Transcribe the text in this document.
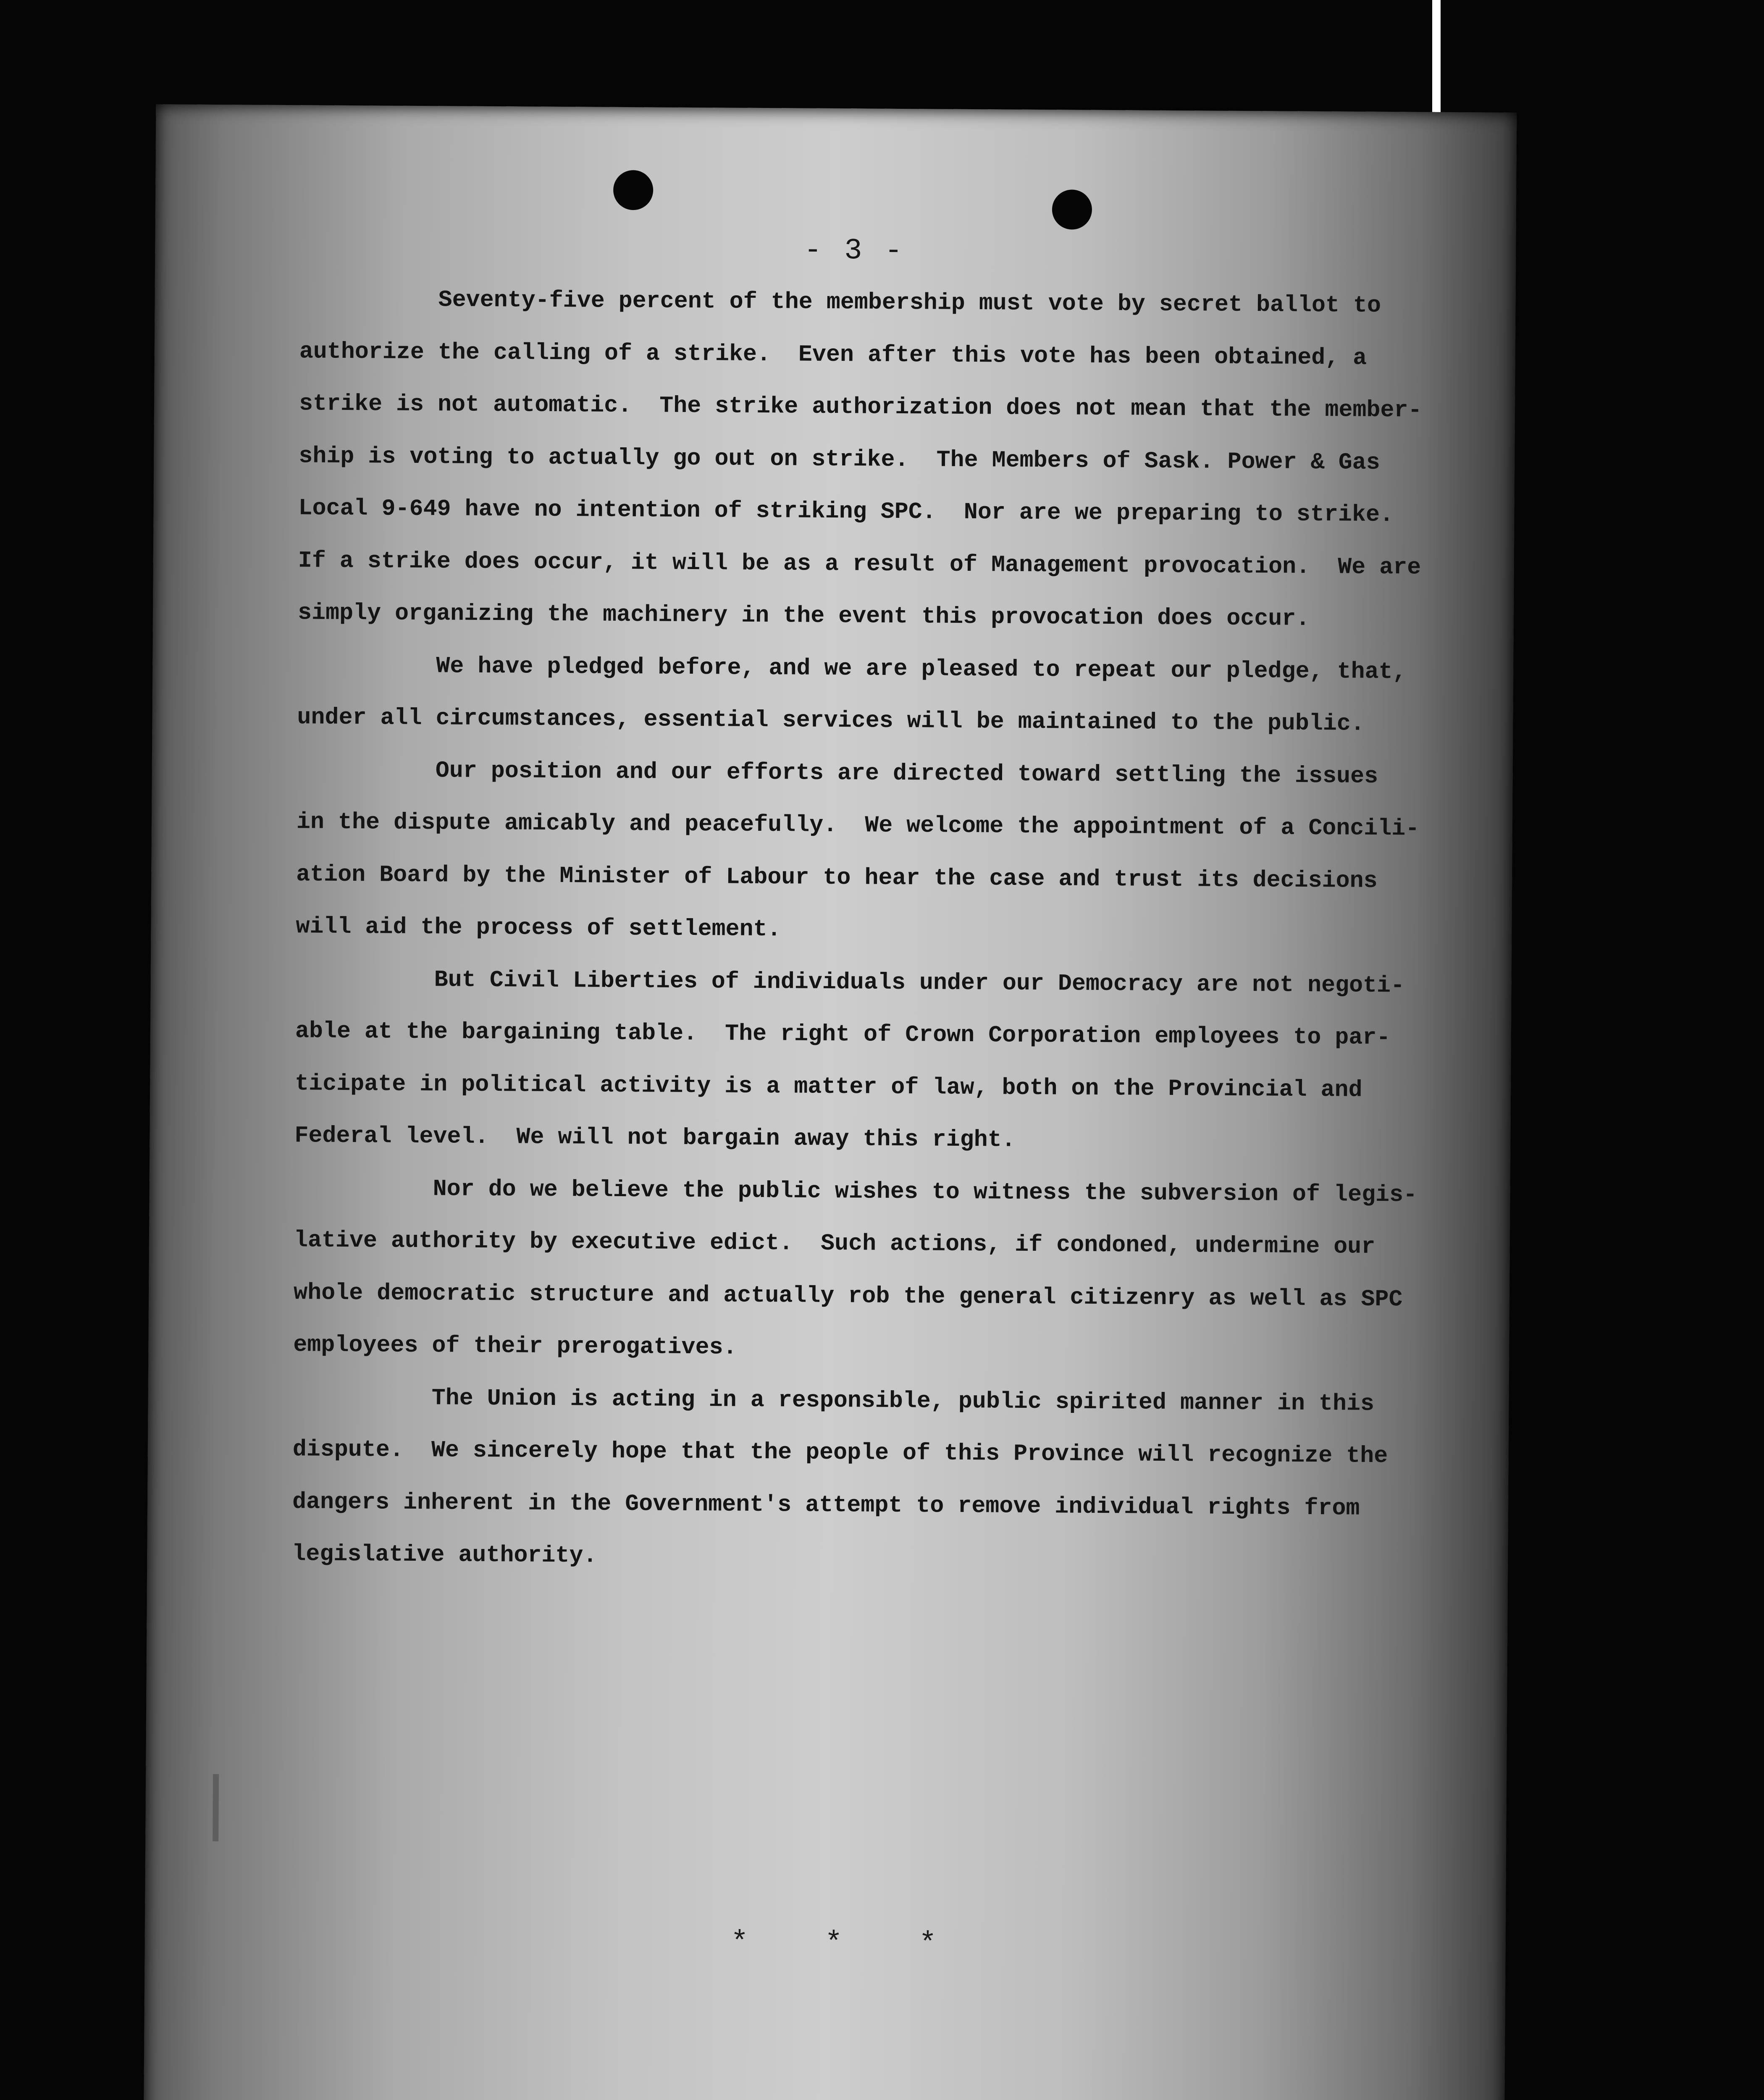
- 3 -
Seventy-five percent of the membership must vote by secret ballot to
authorize the calling of a strike.  Even after this vote has been obtained, a
strike is not automatic.  The strike authorization does not mean that the member-
ship is voting to actually go out on strike.  The Members of Sask. Power & Gas
Local 9-649 have no intention of striking SPC.  Nor are we preparing to strike.
If a strike does occur, it will be as a result of Management provocation.  We are
simply organizing the machinery in the event this provocation does occur.
We have pledged before, and we are pleased to repeat our pledge, that,
under all circumstances, essential services will be maintained to the public.
Our position and our efforts are directed toward settling the issues
in the dispute amicably and peacefully.  We welcome the appointment of a Concili-
ation Board by the Minister of Labour to hear the case and trust its decisions
will aid the process of settlement.
But Civil Liberties of individuals under our Democracy are not negoti-
able at the bargaining table.  The right of Crown Corporation employees to par-
ticipate in political activity is a matter of law, both on the Provincial and
Federal level.  We will not bargain away this right.
Nor do we believe the public wishes to witness the subversion of legis-
lative authority by executive edict.  Such actions, if condoned, undermine our
whole democratic structure and actually rob the general citizenry as well as SPC
employees of their prerogatives.
The Union is acting in a responsible, public spirited manner in this
dispute.  We sincerely hope that the people of this Province will recognize the
dangers inherent in the Government's attempt to remove individual rights from
legislative authority.
* * *
